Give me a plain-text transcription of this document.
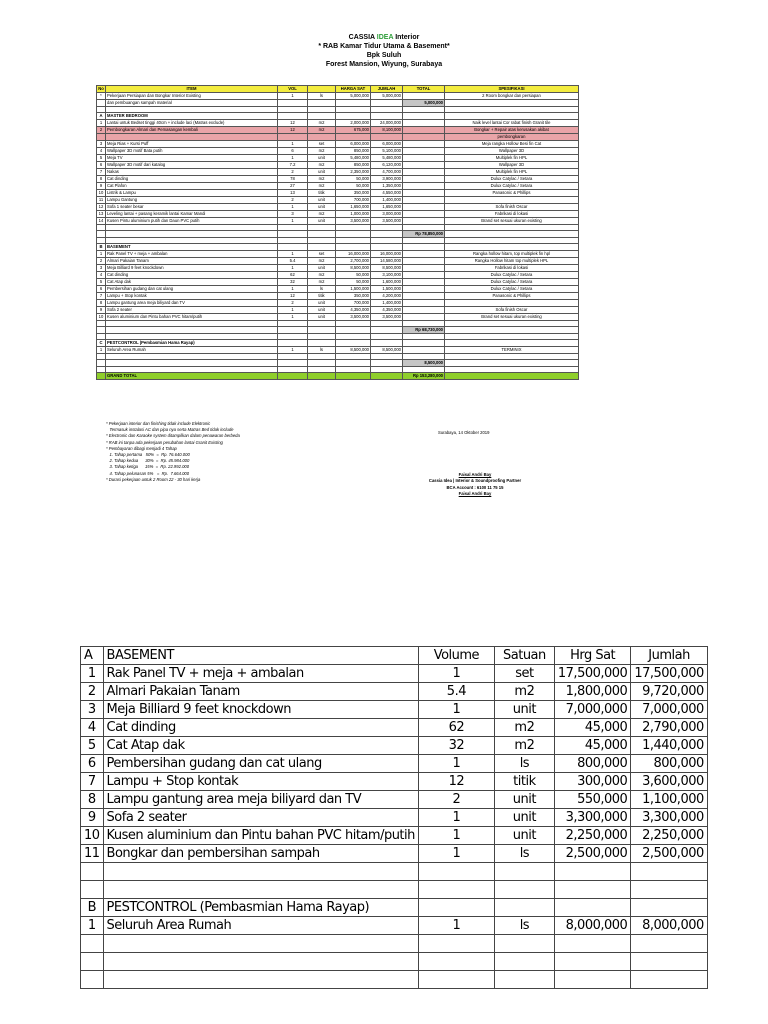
CASSIA IDEA Interior
* RAB Kamar Tidur Utama & Basement*
Bpk Suluh
Forest Mansion, Wiyung, Surabaya
No	ITEM	VOL		HARGA SAT	JUMLAH	TOTAL	SPESIFIKASI
*	Pekerjaan Persiapan dan Bongkar Interior Existing	1	ls	5,000,000	5,000,000		2 Room bongkar dan persiapan
	dan pembuangan sampah material					5,000,000	

A	MASTER BEDROOM						
1	Lantai untuk Bedset tinggi 40cm + include laci (Matras exclude)	12	m2	2,000,000	24,000,000		Naik level lantai Cor rabat finish Granit tile
2	Pembongkaran Almari dan Pemasangan kembali	12	m2	675,000	8,100,000		Bongkar + Repair atas kerusakan akibat
							pembongkaran
3	Meja Rias + Kursi Puff	1	set	6,000,000	6,000,000		Meja rangka Hollow Besi fin Cat
4	Wallpaper 3D motif Bata putih	6	m2	850,000	5,100,000		Wallpaper 3D
5	Meja TV	1	unit	5,480,000	5,480,000		Multiplek fin HPL
6	Wallpaper 3D motif dari katalog	7.2	m2	850,000	6,120,000		Wallpaper 3D
7	Nakas	2	unit	2,350,000	4,700,000		Multiplek fin HPL
8	Cat dinding	78	m2	50,000	3,900,000		Dulux Catylac / Setara
9	Cat Plafon	27	m2	50,000	1,350,000		Dulux Catylac / Setara
10	Listrik & Lampu	13	titik	350,000	4,550,000		Panasonic & Phillips
11	Lampu Gantung	2	unit	700,000	1,400,000		
12	Sofa 1 seater besar	1	unit	1,650,000	1,650,000		Sofa finish Oscar
13	Leveling lantai + pasang keramik lantai Kamar Mandi	3	m2	1,000,000	3,000,000		Fabrikasi di lokasi
14	Kusen Pintu aluminium putih dan Daun PVC putih	1	unit	3,500,000	3,500,000		Brand set sesuai ukuran existing

						Rp 78,850,000	

B	BASEMENT						
1	Rak Panel TV + meja + ambalan	1	set	16,000,000	16,000,000		Rangka hollow hitam, top multiplek fin hpl
2	Almari Pakaian Tanam	5.4	m2	2,700,000	14,580,000		Rangka Hollow hitam top multiplek HPL
3	Meja Billiard 9 feet knockdown	1	unit	8,500,000	8,500,000		Fabrikasi di lokasi
4	Cat dinding	62	m2	50,000	3,100,000		Dulux Catylac / Setara
5	Cat Atap dak	32	m2	50,000	1,600,000		Dulux Catylac / Setara
6	Pembersihan gudang dan cat ulang	1	ls	1,500,000	1,500,000		Dulux Catylac / Setara
7	Lampu + Stop kontak	12	titik	350,000	4,200,000		Panasonic & Phillips
8	Lampu gantung area meja biliyard dan TV	2	unit	700,000	1,400,000		
9	Sofa 2 seater	1	unit	4,350,000	4,350,000		Sofa finish Oscar
10	Kusen aluminium dan Pintu bahan PVC hitam/putih	1	unit	3,500,000	3,500,000		Brand set sesuai ukuran existing

						Rp 68,730,000	

C	PESTCONTROL (Pembasmian Hama Rayap)						
1	Seluruh Area Rumah	1	ls	8,500,000	8,500,000		TERMINIX

						8,500,000	

	GRAND TOTAL					Rp 153,280,000	
* Pekerjaan interior dan finishing tidak include Elektronic
Termasuk instalasi AC dan pipa nya serta Matras Bed tidak include
* Electronic dan Karaoke system ditampilkan dalam penawaran berbeda
* RAB ini tanpa ada pekerjaan perubahan lantai Granit Existing
* Pembayaran dibagi menjadi 4 Tahap
1. Tahap pertama   50%  =  Rp. 76.640.000
2. Tahap kedua      30%  =  Rp. 45.984.000
3. Tahap ketiga      15%  =  Rp. 22.992.000
4. Tahap pelunasan 5%   =  Rp.  7.664.000
* Durasi pekerjaan untuk 2 Room 22 - 30 hari kerja
Surabaya, 14 Oktober 2019
Faisal Andri Bay
Cassia Idea | Interior & Soundproofing Partner
BCA Account : 6100 11 75 15
Faisal Andri Bay
A	BASEMENT	Volume	Satuan	Hrg Sat	Jumlah
1	Rak Panel TV + meja + ambalan	1	set	17,500,000	17,500,000
2	Almari Pakaian Tanam	5.4	m2	1,800,000	9,720,000
3	Meja Billiard 9 feet knockdown	1	unit	7,000,000	7,000,000
4	Cat dinding	62	m2	45,000	2,790,000
5	Cat Atap dak	32	m2	45,000	1,440,000
6	Pembersihan gudang dan cat ulang	1	ls	800,000	800,000
7	Lampu + Stop kontak	12	titik	300,000	3,600,000
8	Lampu gantung area meja biliyard dan TV	2	unit	550,000	1,100,000
9	Sofa 2 seater	1	unit	3,300,000	3,300,000
10	Kusen aluminium dan Pintu bahan PVC hitam/putih	1	unit	2,250,000	2,250,000
11	Bongkar dan pembersihan sampah	1	ls	2,500,000	2,500,000

B	PESTCONTROL (Pembasmian Hama Rayap)				
1	Seluruh Area Rumah	1	ls	8,000,000	8,000,000
